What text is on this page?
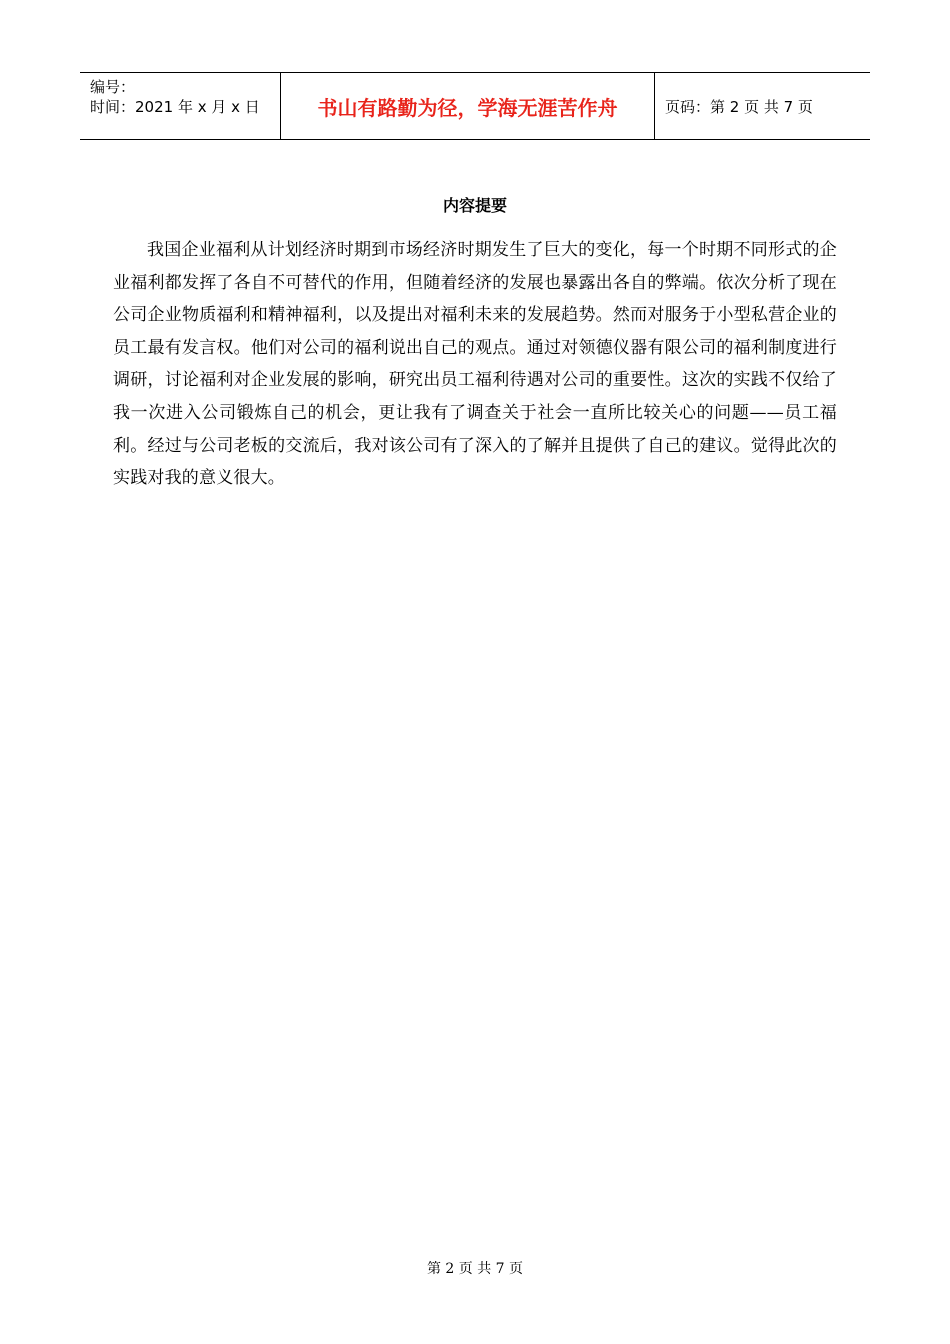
编号：
时间：2021 年 x 月 x 日	书山有路勤为径，学海无涯苦作舟	页码：第 2 页 共 7 页
内容提要

我国企业福利从计划经济时期到市场经济时期发生了巨大的变化，每一个时期不同形式的企业福利都发挥了各自不可替代的作用，但随着经济的发展也暴露出各自的弊端。依次分析了现在公司企业物质福利和精神福利，以及提出对福利未来的发展趋势。然而对服务于小型私营企业的员工最有发言权。他们对公司的福利说出自己的观点。通过对领德仪器有限公司的福利制度进行调研，讨论福利对企业发展的影响，研究出员工福利待遇对公司的重要性。这次的实践不仅给了我一次进入公司锻炼自己的机会，更让我有了调查关于社会一直所比较关心的问题——员工福利。经过与公司老板的交流后，我对该公司有了深入的了解并且提供了自己的建议。觉得此次的实践对我的意义很大。

第 2 页 共 7 页
